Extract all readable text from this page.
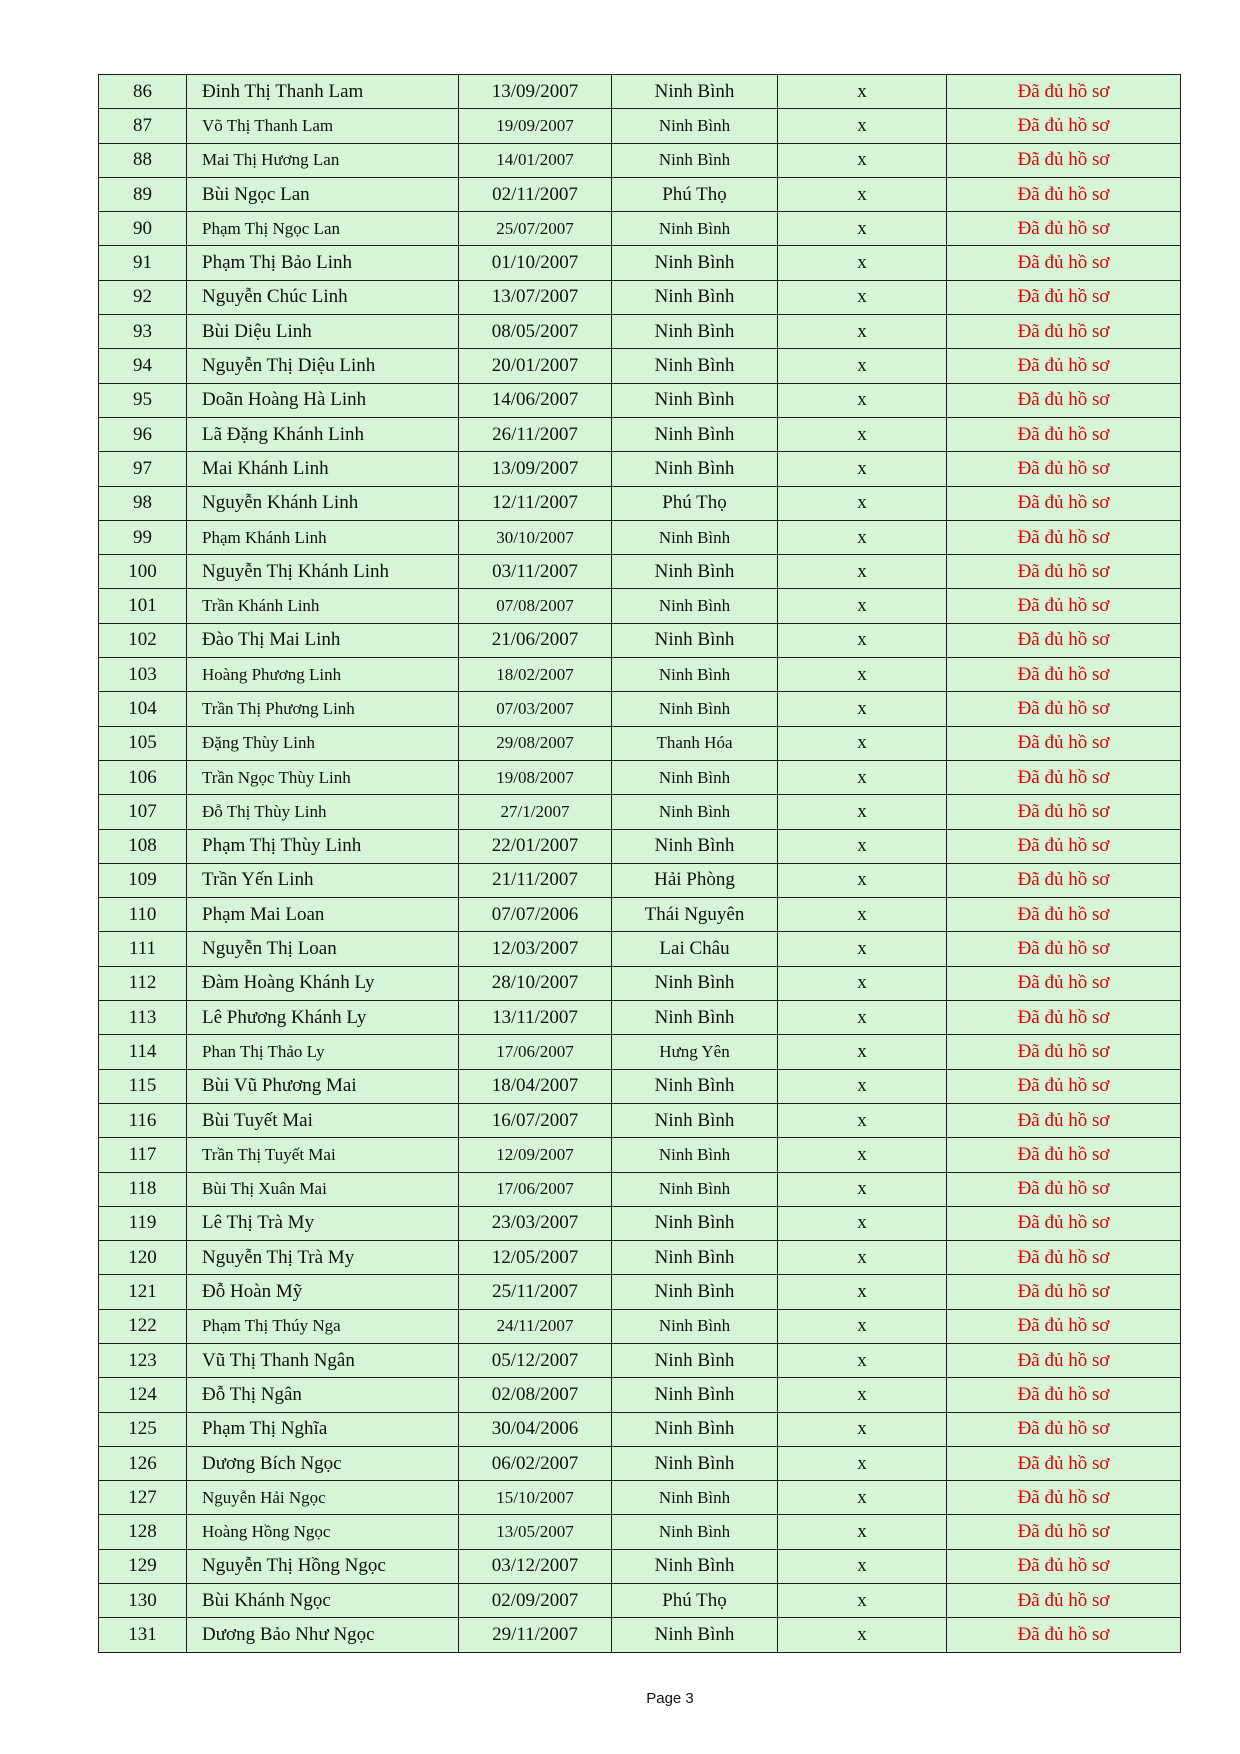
86	Đinh Thị Thanh Lam	13/09/2007	Ninh Bình	x	Đã đủ hồ sơ
87	Võ Thị Thanh Lam	19/09/2007	Ninh Bình	x	Đã đủ hồ sơ
88	Mai Thị Hương Lan	14/01/2007	Ninh Bình	x	Đã đủ hồ sơ
89	Bùi Ngọc Lan	02/11/2007	Phú Thọ	x	Đã đủ hồ sơ
90	Phạm Thị Ngọc Lan	25/07/2007	Ninh Bình	x	Đã đủ hồ sơ
91	Phạm Thị Bảo Linh	01/10/2007	Ninh Bình	x	Đã đủ hồ sơ
92	Nguyễn Chúc Linh	13/07/2007	Ninh Bình	x	Đã đủ hồ sơ
93	Bùi Diệu Linh	08/05/2007	Ninh Bình	x	Đã đủ hồ sơ
94	Nguyễn Thị Diệu Linh	20/01/2007	Ninh Bình	x	Đã đủ hồ sơ
95	Doãn Hoàng Hà Linh	14/06/2007	Ninh Bình	x	Đã đủ hồ sơ
96	Lã Đặng Khánh Linh	26/11/2007	Ninh Bình	x	Đã đủ hồ sơ
97	Mai Khánh Linh	13/09/2007	Ninh Bình	x	Đã đủ hồ sơ
98	Nguyễn Khánh Linh	12/11/2007	Phú Thọ	x	Đã đủ hồ sơ
99	Phạm Khánh Linh	30/10/2007	Ninh Bình	x	Đã đủ hồ sơ
100	Nguyễn Thị Khánh Linh	03/11/2007	Ninh Bình	x	Đã đủ hồ sơ
101	Trần Khánh Linh	07/08/2007	Ninh Bình	x	Đã đủ hồ sơ
102	Đào Thị Mai Linh	21/06/2007	Ninh Bình	x	Đã đủ hồ sơ
103	Hoàng Phương Linh	18/02/2007	Ninh Bình	x	Đã đủ hồ sơ
104	Trần Thị Phương Linh	07/03/2007	Ninh Bình	x	Đã đủ hồ sơ
105	Đặng Thùy Linh	29/08/2007	Thanh Hóa	x	Đã đủ hồ sơ
106	Trần Ngọc Thùy Linh	19/08/2007	Ninh Bình	x	Đã đủ hồ sơ
107	Đỗ Thị Thùy Linh	27/1/2007	Ninh Bình	x	Đã đủ hồ sơ
108	Phạm Thị Thùy Linh	22/01/2007	Ninh Bình	x	Đã đủ hồ sơ
109	Trần Yến Linh	21/11/2007	Hải Phòng	x	Đã đủ hồ sơ
110	Phạm Mai Loan	07/07/2006	Thái Nguyên	x	Đã đủ hồ sơ
111	Nguyễn Thị Loan	12/03/2007	Lai Châu	x	Đã đủ hồ sơ
112	Đàm Hoàng Khánh Ly	28/10/2007	Ninh Bình	x	Đã đủ hồ sơ
113	Lê Phương Khánh Ly	13/11/2007	Ninh Bình	x	Đã đủ hồ sơ
114	Phan Thị Thảo Ly	17/06/2007	Hưng Yên	x	Đã đủ hồ sơ
115	Bùi Vũ Phương Mai	18/04/2007	Ninh Bình	x	Đã đủ hồ sơ
116	Bùi Tuyết Mai	16/07/2007	Ninh Bình	x	Đã đủ hồ sơ
117	Trần Thị Tuyết Mai	12/09/2007	Ninh Bình	x	Đã đủ hồ sơ
118	Bùi Thị Xuân Mai	17/06/2007	Ninh Bình	x	Đã đủ hồ sơ
119	Lê Thị Trà My	23/03/2007	Ninh Bình	x	Đã đủ hồ sơ
120	Nguyễn Thị Trà My	12/05/2007	Ninh Bình	x	Đã đủ hồ sơ
121	Đỗ Hoàn Mỹ	25/11/2007	Ninh Bình	x	Đã đủ hồ sơ
122	Phạm Thị Thúy Nga	24/11/2007	Ninh Bình	x	Đã đủ hồ sơ
123	Vũ Thị Thanh Ngân	05/12/2007	Ninh Bình	x	Đã đủ hồ sơ
124	Đỗ Thị Ngân	02/08/2007	Ninh Bình	x	Đã đủ hồ sơ
125	Phạm Thị Nghĩa	30/04/2006	Ninh Bình	x	Đã đủ hồ sơ
126	Dương Bích Ngọc	06/02/2007	Ninh Bình	x	Đã đủ hồ sơ
127	Nguyễn Hải Ngọc	15/10/2007	Ninh Bình	x	Đã đủ hồ sơ
128	Hoàng Hồng Ngọc	13/05/2007	Ninh Bình	x	Đã đủ hồ sơ
129	Nguyễn Thị Hồng Ngọc	03/12/2007	Ninh Bình	x	Đã đủ hồ sơ
130	Bùi Khánh Ngọc	02/09/2007	Phú Thọ	x	Đã đủ hồ sơ
131	Dương Bảo Như Ngọc	29/11/2007	Ninh Bình	x	Đã đủ hồ sơ
Page 3
